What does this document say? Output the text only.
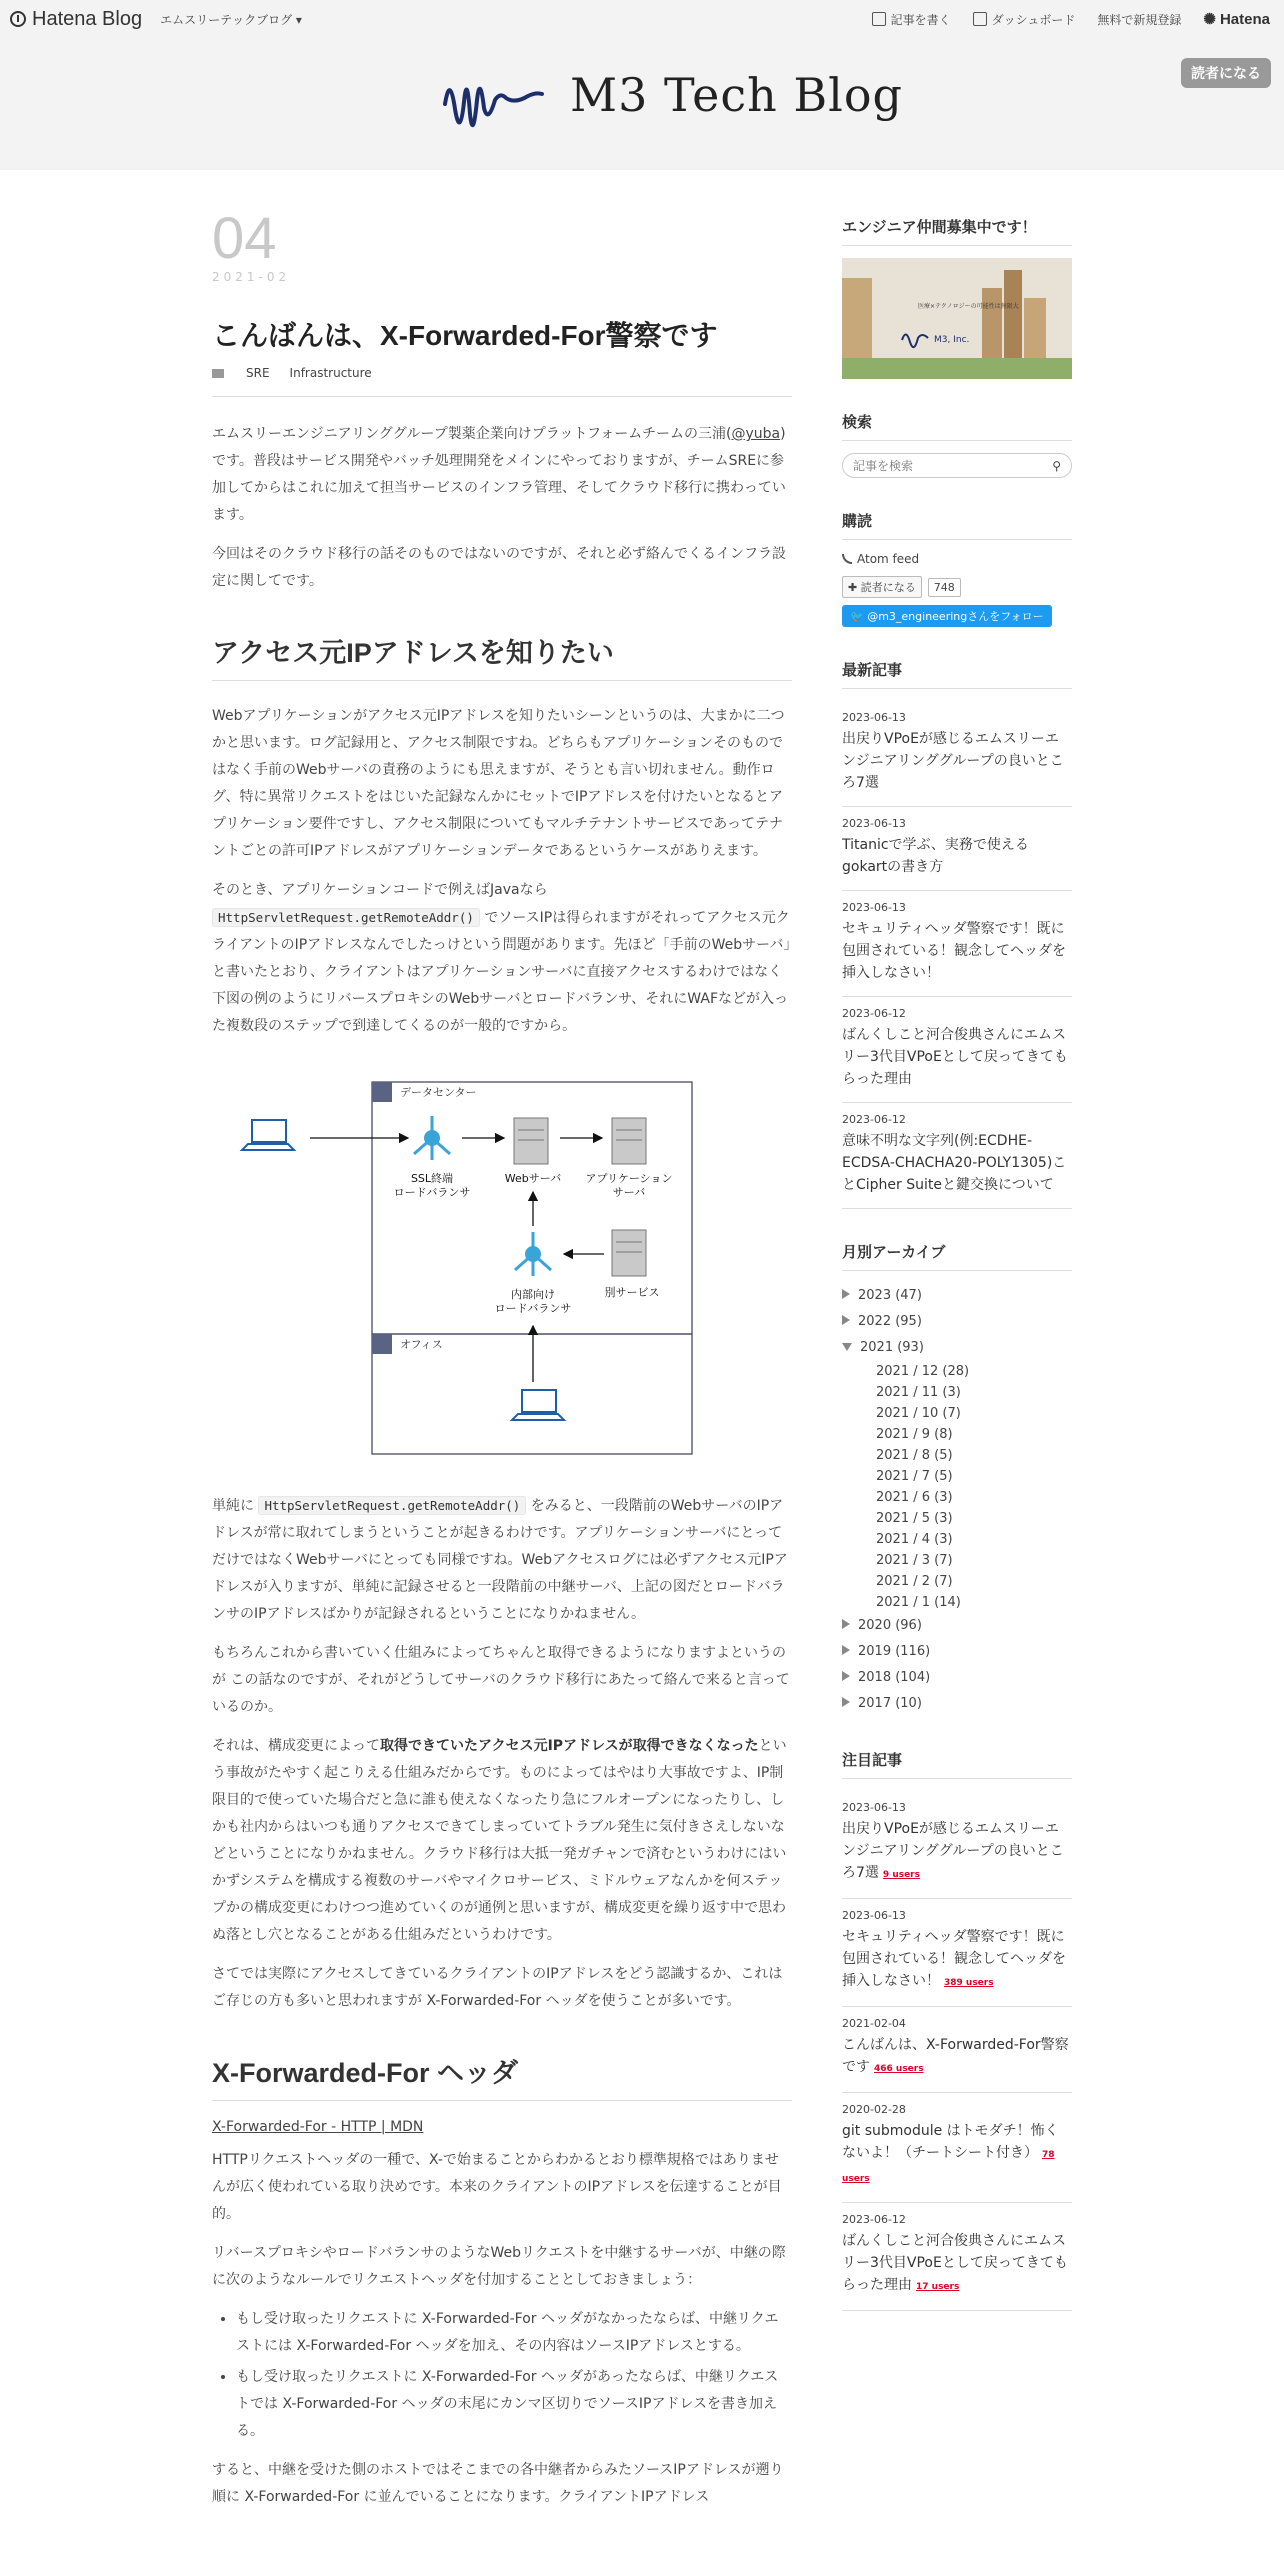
Hatena Blog エムスリーテックブログ ▾	記事を書く	ダッシュボード 無料で新規登録 ✺ Hatena
M3 Tech Blog	読者になる
04
2021-02
こんばんは、X-Forwarded-For警察です
SRE Infrastructure

エムスリーエンジニアリンググループ製薬企業向けプラットフォームチームの三浦(@yuba)です。普段はサービス開発やバッチ処理開発をメインにやっておりますが、チームSREに参加してからはこれに加えて担当サービスのインフラ管理、そしてクラウド移行に携わっています。

今回はそのクラウド移行の話そのものではないのですが、それと必ず絡んでくるインフラ設定に関してです。

アクセス元IPアドレスを知りたい

Webアプリケーションがアクセス元IPアドレスを知りたいシーンというのは、大まかに二つかと思います。ログ記録用と、アクセス制限ですね。どちらもアプリケーションそのものではなく手前のWebサーバの責務のようにも思えますが、そうとも言い切れません。動作ログ、特に異常リクエストをはじいた記録なんかにセットでIPアドレスを付けたいとなるとアプリケーション要件ですし、アクセス制限についてもマルチテナントサービスであってテナントごとの許可IPアドレスがアプリケーションデータであるというケースがありえます。

そのとき、アプリケーションコードで例えばJavaなら
HttpServletRequest.getRemoteAddr() でソースIPは得られますがそれってアクセス元クライアントのIPアドレスなんでしたっけという問題があります。先ほど「手前のWebサーバ」と書いたとおり、クライアントはアプリケーションサーバに直接アクセスするわけではなく下図の例のようにリバースプロキシのWebサーバとロードバランサ、それにWAFなどが入った複数段のステップで到達してくるのが一般的ですから。

単純に HttpServletRequest.getRemoteAddr() をみると、一段階前のWebサーバのIPアドレスが常に取れてしまうということが起きるわけです。アプリケーションサーバにとってだけではなくWebサーバにとっても同様ですね。Webアクセスログには必ずアクセス元IPアドレスが入りますが、単純に記録させると一段階前の中継サーバ、上記の図だとロードバランサのIPアドレスばかりが記録されるということになりかねません。

もちろんこれから書いていく仕組みによってちゃんと取得できるようになりますよというのが この話なのですが、それがどうしてサーバのクラウド移行にあたって絡んで来ると言っているのか。

それは、構成変更によって取得できていたアクセス元IPアドレスが取得できなくなったという事故がたやすく起こりえる仕組みだからです。ものによってはやはり大事故ですよ、IP制限目的で使っていた場合だと急に誰も使えなくなったり急にフルオープンになったりし、しかも社内からはいつも通りアクセスできてしまっていてトラブル発生に気付きさえしないなどということになりかねません。クラウド移行は大抵一発ガチャンで済むというわけにはいかずシステムを構成する複数のサーバやマイクロサービス、ミドルウェアなんかを何ステップかの構成変更にわけつつ進めていくのが通例と思いますが、構成変更を繰り返す中で思わぬ落とし穴となることがある仕組みだというわけです。

さてでは実際にアクセスしてきているクライアントのIPアドレスをどう認識するか、これはご存じの方も多いと思われますが X-Forwarded-For ヘッダを使うことが多いです。

X-Forwarded-For ヘッダ
X-Forwarded-For - HTTP | MDN

HTTPリクエストヘッダの一種で、X-で始まることからわかるとおり標準規格ではありませんが広く使われている取り決めです。本来のクライアントのIPアドレスを伝達することが目的。

リバースプロキシやロードバランサのようなWebリクエストを中継するサーバが、中継の際に次のようなルールでリクエストヘッダを付加することとしておきましょう：

• もし受け取ったリクエストに X-Forwarded-For ヘッダがなかったならば、中継リクエストには X-Forwarded-For ヘッダを加え、その内容はソースIPアドレスとする。
• もし受け取ったリクエストに X-Forwarded-For ヘッダがあったならば、中継リクエストでは X-Forwarded-For ヘッダの末尾にカンマ区切りでソースIPアドレスを書き加える。

すると、中継を受けた側のホストではそこまでの各中継者からみたソースIPアドレスが遡り順に X-Forwarded-For に並んでいることになります。クライアントIPアドレス

データセンター
オフィス
SSL終端
ロードバランサ
Webサーバ アプリケーション
サーバ
内部向け
ロードバランサ
別サービス
エンジニア仲間募集中です！
M3, Inc.
医療×テクノロジーの可能性は無限大
検索
記事を検索
⚲
購読
Atom feed
✚ 読者になる	748
🐦 @m3_engineeringさんをフォロー
最新記事
2023-06-13
出戻りVPoEが感じるエムスリーエンジニアリンググループの良いところ7選
2023-06-13
Titanicで学ぶ、実務で使えるgokartの書き方
2023-06-13
セキュリティヘッダ警察です！既に包囲されている！観念してヘッダを挿入しなさい！
2023-06-12
ばんくしこと河合俊典さんにエムスリー3代目VPoEとして戻ってきてもらった理由
2023-06-12
意味不明な文字列(例:ECDHE-ECDSA-CHACHA20-POLY1305)ことCipher Suiteと鍵交換について
月別アーカイブ
2023 (47)
2022 (95)
2021 (93)
2021 / 12 (28)
2021 / 11 (3)
2021 / 10 (7)
2021 / 9 (8)
2021 / 8 (5)
2021 / 7 (5)
2021 / 6 (3)
2021 / 5 (3)
2021 / 4 (3)
2021 / 3 (7)
2021 / 2 (7)
2021 / 1 (14)
2020 (96)
2019 (116)
2018 (104)
2017 (10)
注目記事
2023-06-13
出戻りVPoEが感じるエムスリーエンジニアリンググループの良いところ7選 9 users
2023-06-13
セキュリティヘッダ警察です！既に包囲されている！観念してヘッダを挿入しなさい！ 389 users
2021-02-04
こんばんは、X-Forwarded-For警察です 466 users
2020-02-28
git submodule はトモダチ！怖くないよ！（チートシート付き） 78 users
2023-06-12
ばんくしこと河合俊典さんにエムスリー3代目VPoEとして戻ってきてもらった理由 17 users
